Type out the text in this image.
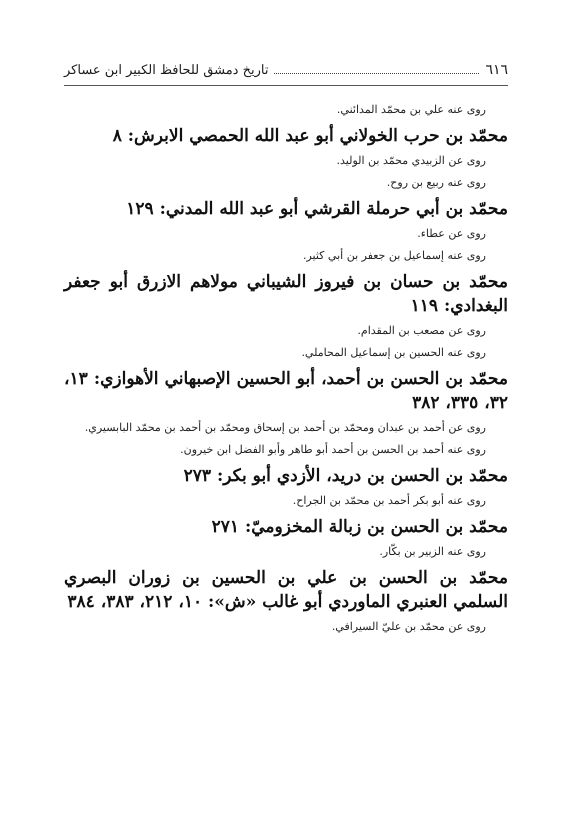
٦١٦
تاريخ دمشق للحافظ الكبير ابن عساكر

روى عنه علي بن محمّد المدائني.

محمّد بن حرب الخولاني أبو عبد الله الحمصي الابرش: ٨

روى عن الزبيدي محمّد بن الوليد.

روى عنه ربيع بن روح.

محمّد بن أبي حرملة القرشي أبو عبد الله المدني: ١٢٩

روى عن عطاء.

روى عنه إسماعيل بن جعفر بن أبي كثير.

محمّد بن حسان بن فيروز الشيباني مولاهم الازرق أبو جعفر البغدادي: ١١٩

روى عن مصعب بن المقدام.

روى عنه الحسين بن إسماعيل المحاملي.

محمّد بن الحسن بن أحمد، أبو الحسين الإصبهاني الأهوازي: ١٣، ٣٢، ٣٣٥، ٣٨٢

روى عن أحمد بن عبدان ومحمّد بن أحمد بن إسحاق ومحمّد بن أحمد بن محمّد البابسيري.

روى عنه أحمد بن الحسن بن أحمد أبو طاهر وأبو الفضل ابن خيرون.

محمّد بن الحسن بن دريد، الأزدي أبو بكر: ٢٧٣

روى عنه أبو بكر أحمد بن محمّد بن الجراح.

محمّد بن الحسن بن زبالة المخزوميّ: ٢٧١

روى عنه الزبير بن بكّار.

محمّد بن الحسن بن علي بن الحسين بن زوران البصري السلمي العنبري الماوردي أبو غالب «ش»: ١٠، ٢١٢، ٣٨٣، ٣٨٤

روى عن محمّد بن عليّ السيرافي.
